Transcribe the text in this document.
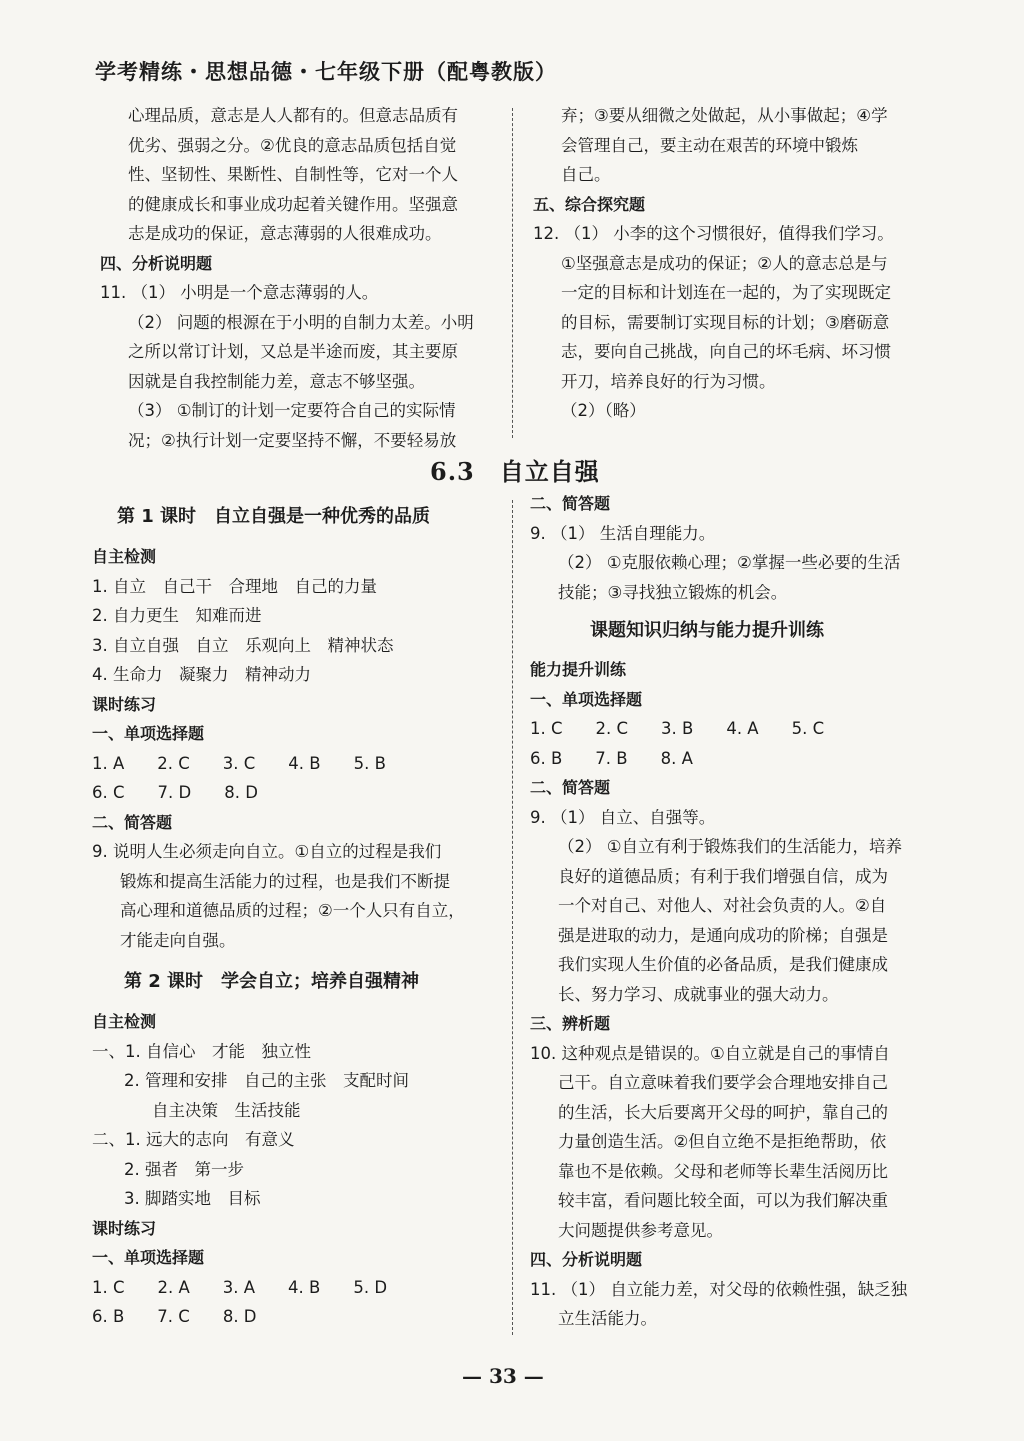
学考精练・思想品德・七年级下册（配粤教版）
心理品质，意志是人人都有的。但意志品质有
优劣、强弱之分。②优良的意志品质包括自觉
性、坚韧性、果断性、自制性等，它对一个人
的健康成长和事业成功起着关键作用。坚强意
志是成功的保证，意志薄弱的人很难成功。
四、分析说明题
11. （1） 小明是一个意志薄弱的人。
（2） 问题的根源在于小明的自制力太差。小明
之所以常订计划，又总是半途而废，其主要原
因就是自我控制能力差，意志不够坚强。
（3） ①制订的计划一定要符合自己的实际情
况；②执行计划一定要坚持不懈，不要轻易放
弃；③要从细微之处做起，从小事做起；④学
会管理自己，要主动在艰苦的环境中锻炼
自己。
五、综合探究题
12. （1） 小李的这个习惯很好，值得我们学习。
①坚强意志是成功的保证；②人的意志总是与
一定的目标和计划连在一起的，为了实现既定
的目标，需要制订实现目标的计划；③磨砺意
志，要向自己挑战，向自己的坏毛病、坏习惯
开刀，培养良好的行为习惯。
（2）（略）
6.3　自立自强
第 1 课时　自立自强是一种优秀的品质
自主检测
1. 自立　自己干　合理地　自己的力量
2. 自力更生　知难而进
3. 自立自强　自立　乐观向上　精神状态
4. 生命力　凝聚力　精神动力
课时练习
一、单项选择题
1. A　　2. C　　3. C　　4. B　　5. B
6. C　　7. D　　8. D
二、简答题
9. 说明人生必须走向自立。①自立的过程是我们
锻炼和提高生活能力的过程，也是我们不断提
高心理和道德品质的过程；②一个人只有自立，
才能走向自强。
第 2 课时　学会自立；培养自强精神
自主检测
一、1. 自信心　才能　独立性
2. 管理和安排　自己的主张　支配时间
自主决策　生活技能
二、1. 远大的志向　有意义
2. 强者　第一步
3. 脚踏实地　目标
课时练习
一、单项选择题
1. C　　2. A　　3. A　　4. B　　5. D
6. B　　7. C　　8. D
二、简答题
9. （1） 生活自理能力。
（2） ①克服依赖心理；②掌握一些必要的生活
技能；③寻找独立锻炼的机会。
课题知识归纳与能力提升训练
能力提升训练
一、单项选择题
1. C　　2. C　　3. B　　4. A　　5. C
6. B　　7. B　　8. A
二、简答题
9. （1） 自立、自强等。
（2） ①自立有利于锻炼我们的生活能力，培养
良好的道德品质；有利于我们增强自信，成为
一个对自己、对他人、对社会负责的人。②自
强是进取的动力，是通向成功的阶梯；自强是
我们实现人生价值的必备品质，是我们健康成
长、努力学习、成就事业的强大动力。
三、辨析题
10. 这种观点是错误的。①自立就是自己的事情自
己干。自立意味着我们要学会合理地安排自己
的生活，长大后要离开父母的呵护，靠自己的
力量创造生活。②但自立绝不是拒绝帮助，依
靠也不是依赖。父母和老师等长辈生活阅历比
较丰富，看问题比较全面，可以为我们解决重
大问题提供参考意见。
四、分析说明题
11. （1） 自立能力差，对父母的依赖性强，缺乏独
立生活能力。
— 33 —
